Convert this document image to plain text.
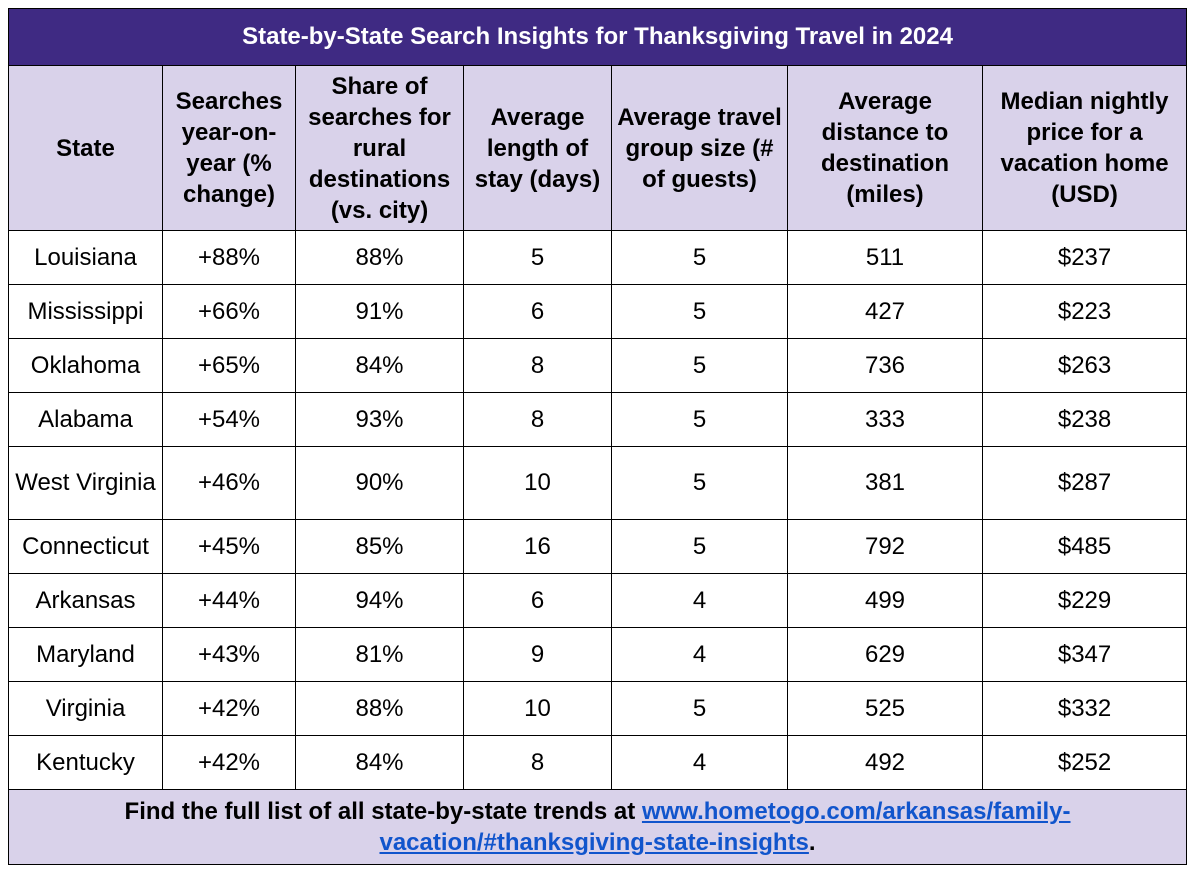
State-by-State Search Insights for Thanksgiving Travel in 2024						
State	Searches year-on-year (% change)	Share of searches for rural destinations (vs. city)	Average length of stay (days)	Average travel group size (# of guests)	Average distance to destination (miles)	Median nightly price for a vacation home (USD)
Louisiana	+88%	88%	5	5	511	$237
Mississippi	+66%	91%	6	5	427	$223
Oklahoma	+65%	84%	8	5	736	$263
Alabama	+54%	93%	8	5	333	$238
West Virginia	+46%	90%	10	5	381	$287
Connecticut	+45%	85%	16	5	792	$485
Arkansas	+44%	94%	6	4	499	$229
Maryland	+43%	81%	9	4	629	$347
Virginia	+42%	88%	10	5	525	$332
Kentucky	+42%	84%	8	4	492	$252
Find the full list of all state-by-state trends at www.hometogo.com/arkansas/family-vacation/#thanksgiving-state-insights.						
